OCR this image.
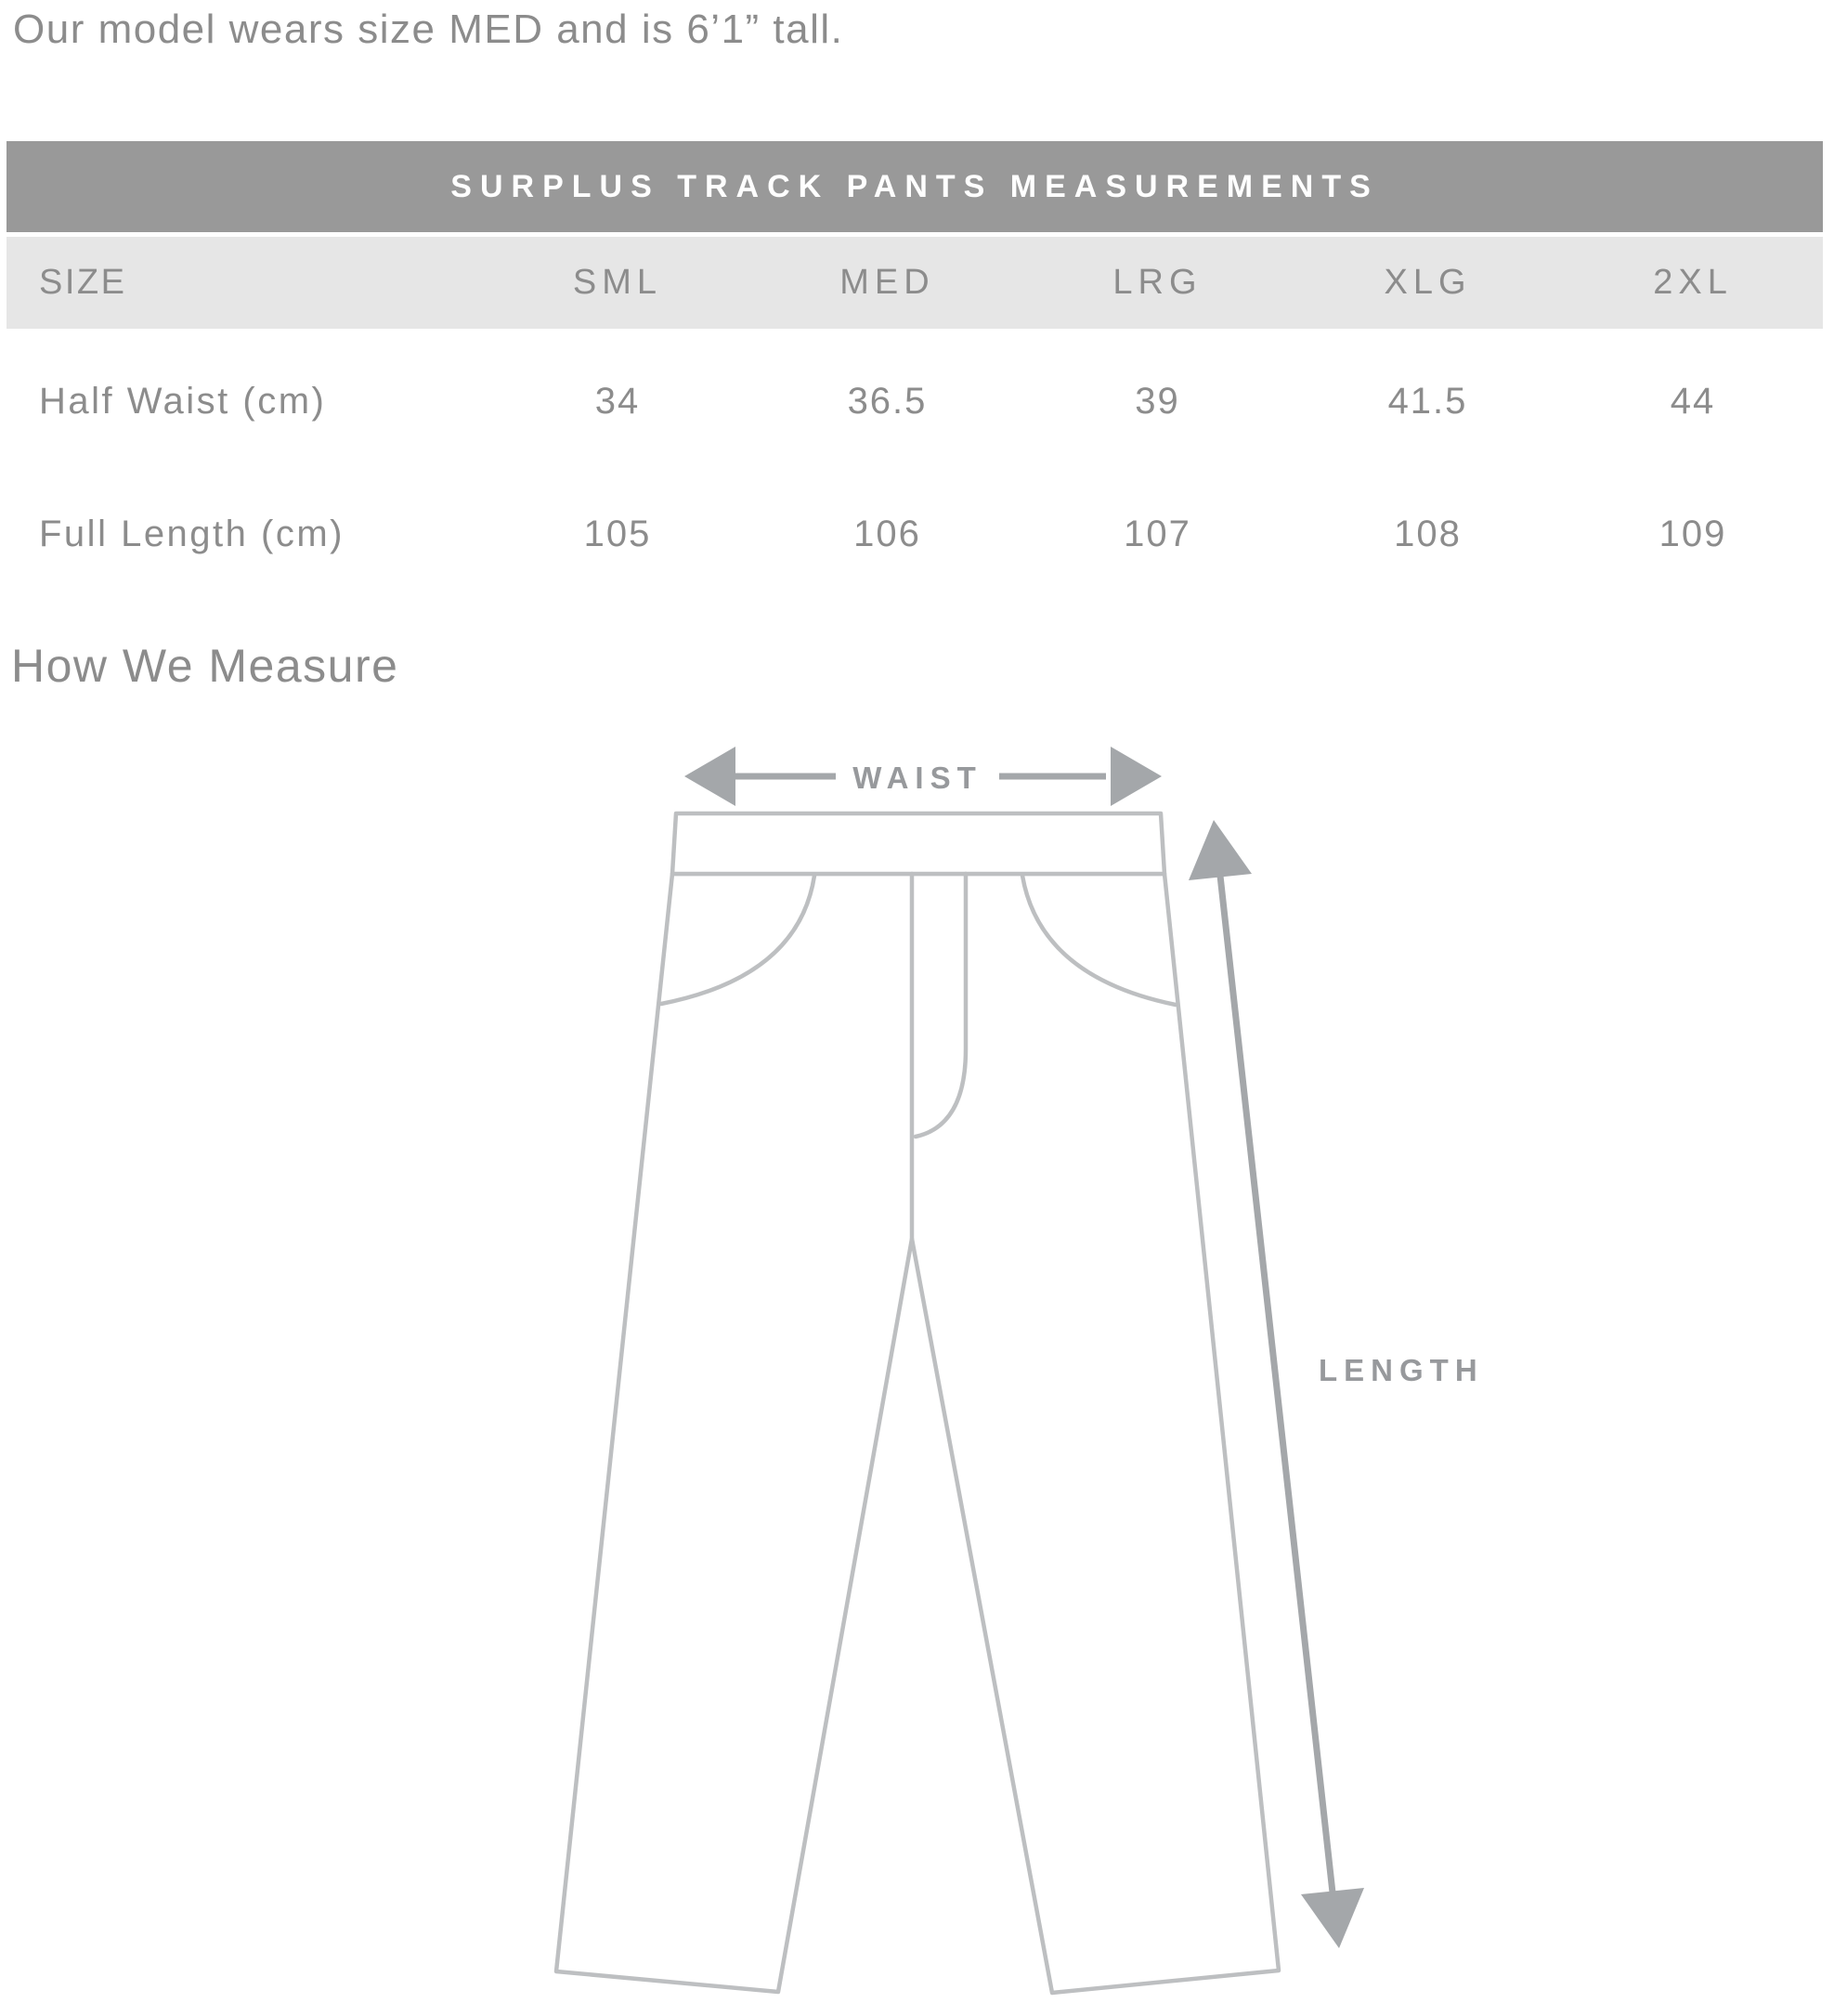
Our model wears size MED and is 6’1” tall.
SURPLUS TRACK PANTS MEASUREMENTS					
SIZE	SML	MED	LRG	XLG	2XL
Half Waist (cm)	34	36.5	39	41.5	44
Full Length (cm)	105	106	107	108	109
How We Measure
WAIST
LENGTH
